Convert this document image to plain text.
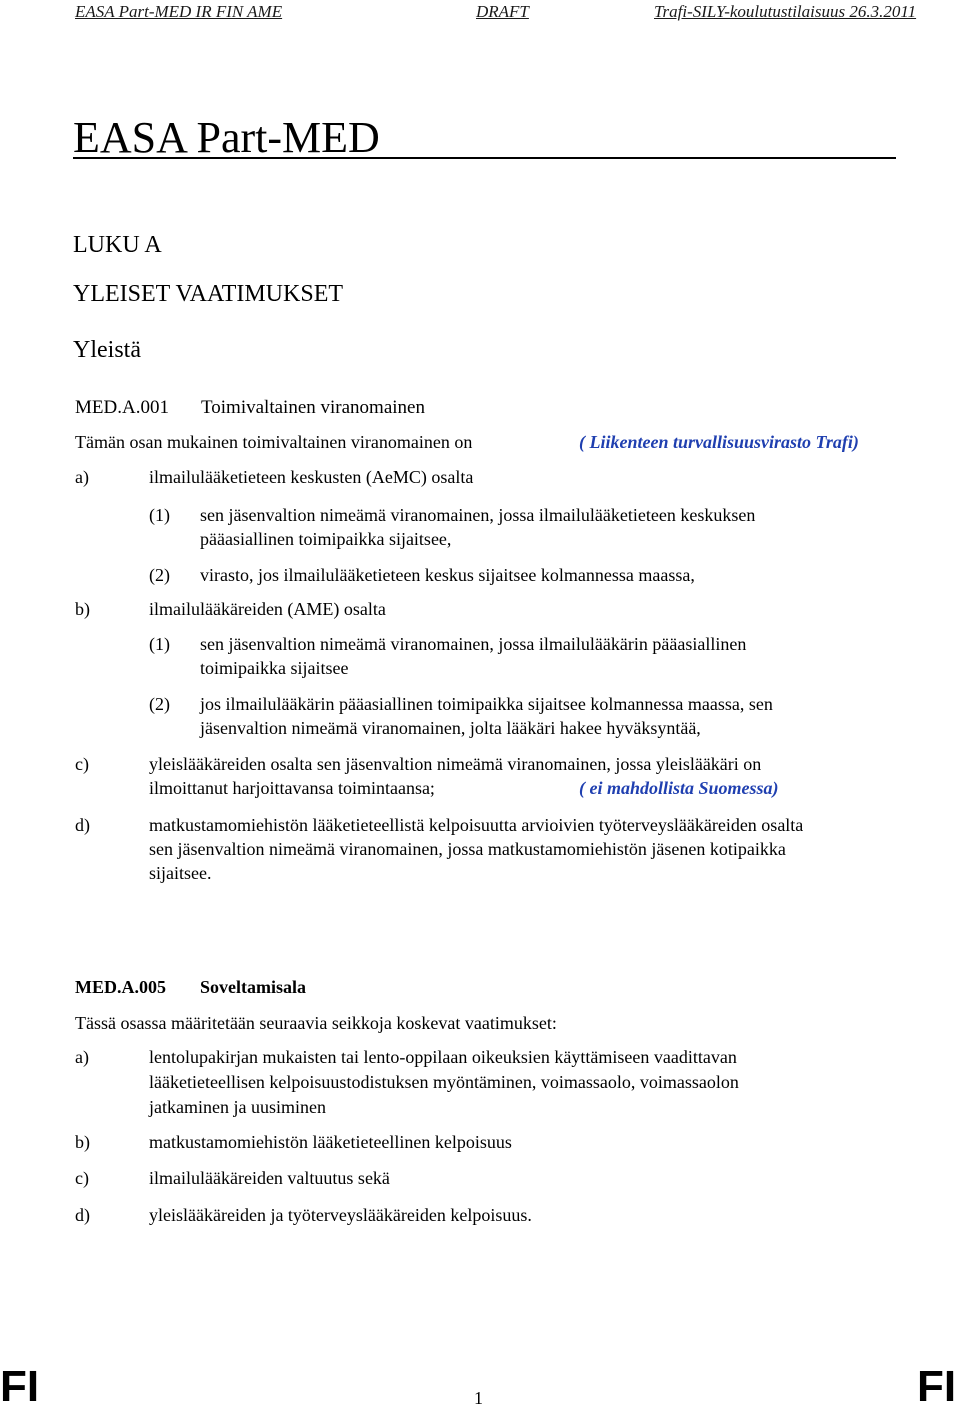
EASA Part-MED IR FIN AME	DRAFT	Trafi-SILY-koulutustilaisuus 26.3.2011
EASA Part-MED
LUKU A
YLEISET VAATIMUKSET
Yleistä
MED.A.001 Toimivaltainen viranomainen
Tämän osan mukainen toimivaltainen viranomainen on	( Liikenteen turvallisuusvirasto Trafi)
a)	ilmailulääketieteen keskusten (AeMC) osalta
(1) sen jäsenvaltion nimeämä viranomainen, jossa ilmailulääketieteen keskuksen
pääasiallinen toimipaikka sijaitsee,
(2) virasto, jos ilmailulääketieteen keskus sijaitsee kolmannessa maassa,
b)	ilmailulääkäreiden (AME) osalta
(1) sen jäsenvaltion nimeämä viranomainen, jossa ilmailulääkärin pääasiallinen
toimipaikka sijaitsee
(2) jos ilmailulääkärin pääasiallinen toimipaikka sijaitsee kolmannessa maassa, sen
jäsenvaltion nimeämä viranomainen, jolta lääkäri hakee hyväksyntää,
c)	yleislääkäreiden osalta sen jäsenvaltion nimeämä viranomainen, jossa yleislääkäri on
ilmoittanut harjoittavansa toimintaansa;	( ei mahdollista Suomessa)
d)	matkustamomiehistön lääketieteellistä kelpoisuutta arvioivien työterveyslääkäreiden osalta
sen jäsenvaltion nimeämä viranomainen, jossa matkustamomiehistön jäsenen kotipaikka
sijaitsee.
MED.A.005 Soveltamisala
Tässä osassa määritetään seuraavia seikkoja koskevat vaatimukset:
a)	lentolupakirjan mukaisten tai lento-oppilaan oikeuksien käyttämiseen vaadittavan
lääketieteellisen kelpoisuustodistuksen myöntäminen, voimassaolo, voimassaolon
jatkaminen ja uusiminen
b)	matkustamomiehistön lääketieteellinen kelpoisuus
c)	ilmailulääkäreiden valtuutus sekä
d)	yleislääkäreiden ja työterveyslääkäreiden kelpoisuus.
FI	1	FI
